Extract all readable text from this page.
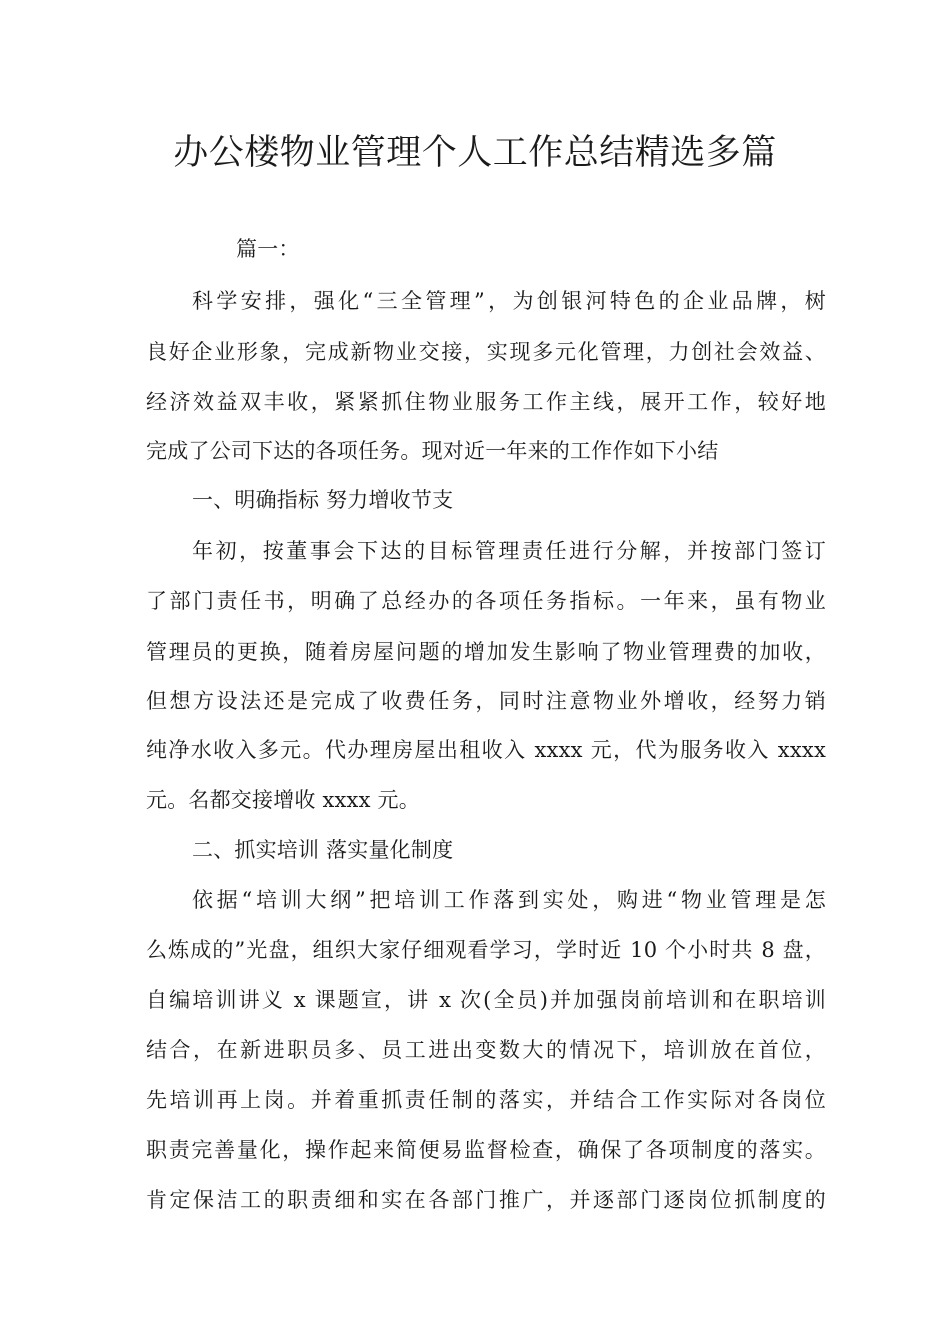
办公楼物业管理个人工作总结精选多篇
篇一：
科学安排，强化“三全管理”，为创银河特色的企业品牌，树
良好企业形象，完成新物业交接，实现多元化管理，力创社会效益、
经济效益双丰收，紧紧抓住物业服务工作主线，展开工作，较好地
完成了公司下达的各项任务。现对近一年来的工作作如下小结
一、明确指标 努力增收节支
年初，按董事会下达的目标管理责任进行分解，并按部门签订
了部门责任书，明确了总经办的各项任务指标。一年来，虽有物业
管理员的更换，随着房屋问题的增加发生影响了物业管理费的加收，
但想方设法还是完成了收费任务，同时注意物业外增收，经努力销
纯净水收入多元。代办理房屋出租收入 xxxx 元，代为服务收入 xxxx
元。名都交接增收 xxxx 元。
二、抓实培训 落实量化制度
依据“培训大纲”把培训工作落到实处，购进“物业管理是怎
么炼成的”光盘，组织大家仔细观看学习，学时近 10 个小时共 8 盘，
自编培训讲义 x 课题宣，讲 x 次(全员)并加强岗前培训和在职培训
结合，在新进职员多、员工进出变数大的情况下，培训放在首位，
先培训再上岗。并着重抓责任制的落实，并结合工作实际对各岗位
职责完善量化，操作起来简便易监督检查，确保了各项制度的落实。
肯定保洁工的职责细和实在各部门推广，并逐部门逐岗位抓制度的
